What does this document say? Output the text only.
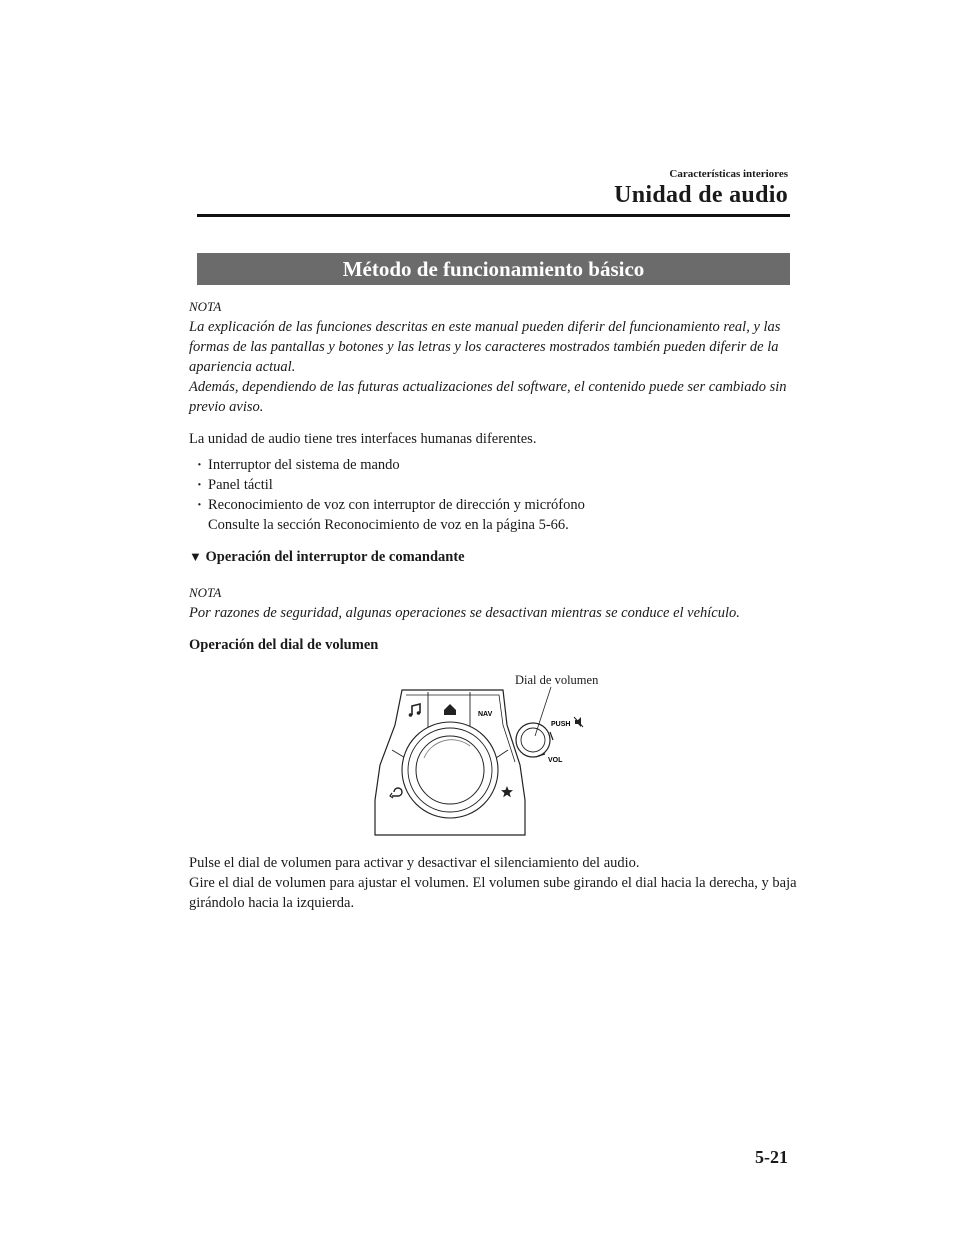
Características interiores
Unidad de audio
Método de funcionamiento básico

NOTA

La explicación de las funciones descritas en este manual pueden diferir del funcionamiento real, y las formas de las pantallas y botones y las letras y los caracteres mostrados también pueden diferir de la apariencia actual.

Además, dependiendo de las futuras actualizaciones del software, el contenido puede ser cambiado sin previo aviso.

La unidad de audio tiene tres interfaces humanas diferentes.

· Interruptor del sistema de mando
· Panel táctil
· Reconocimiento de voz con interruptor de dirección y micrófono

Consulte la sección Reconocimiento de voz en la página 5-66.

▼ Operación del interruptor de comandante

NOTA

Por razones de seguridad, algunas operaciones se desactivan mientras se conduce el vehículo.

Operación del dial de volumen

NAV
PUSH
VOL
Dial de volumen

Pulse el dial de volumen para activar y desactivar el silenciamiento del audio.

Gire el dial de volumen para ajustar el volumen. El volumen sube girando el dial hacia la derecha, y baja girándolo hacia la izquierda.

5-21
